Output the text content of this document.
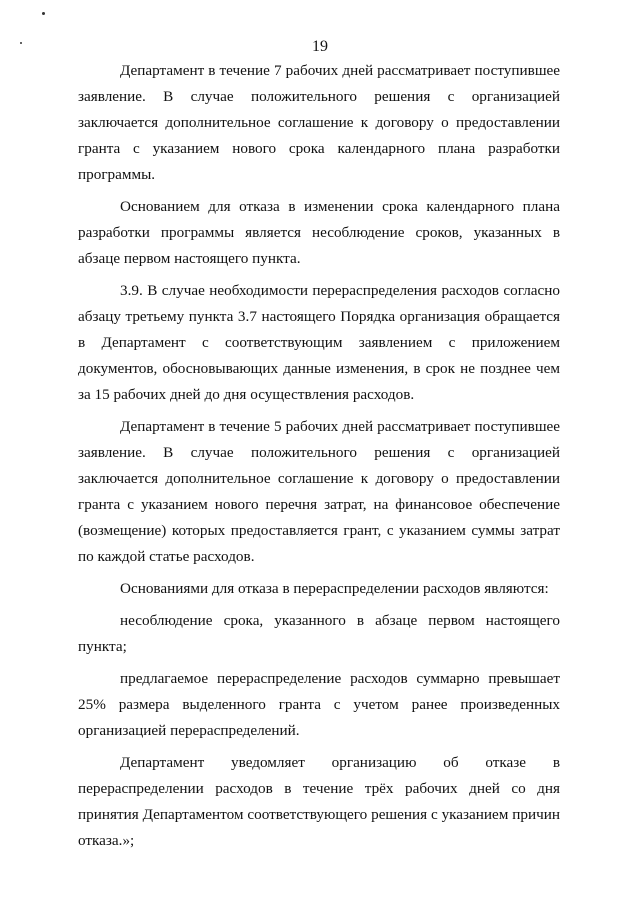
19
Департамент в течение 7 рабочих дней рассматривает поступившее
заявление. В случае положительного решения с организацией
заключается дополнительное соглашение к договору о предоставлении
гранта с указанием нового срока календарного плана разработки
программы.
Основанием для отказа в изменении срока календарного плана
разработки программы является несоблюдение сроков, указанных в
абзаце первом настоящего пункта.
3.9. В случае необходимости перераспределения расходов согласно
абзацу третьему пункта 3.7 настоящего Порядка организация обращается
в Департамент с соответствующим заявлением с приложением
документов, обосновывающих данные изменения, в срок не позднее чем
за 15 рабочих дней до дня осуществления расходов.
Департамент в течение 5 рабочих дней рассматривает поступившее
заявление. В случае положительного решения с организацией
заключается дополнительное соглашение к договору о предоставлении
гранта с указанием нового перечня затрат, на финансовое обеспечение
(возмещение) которых предоставляется грант, с указанием суммы затрат
по каждой статье расходов.
Основаниями для отказа в перераспределении расходов являются:
несоблюдение срока, указанного в абзаце первом настоящего
пункта;
предлагаемое перераспределение расходов суммарно превышает
25% размера выделенного гранта с учетом ранее произведенных
организацией перераспределений.
Департамент уведомляет организацию об отказе в
перераспределении расходов в течение трёх рабочих дней со дня
принятия Департаментом соответствующего решения с указанием причин
отказа.»;
